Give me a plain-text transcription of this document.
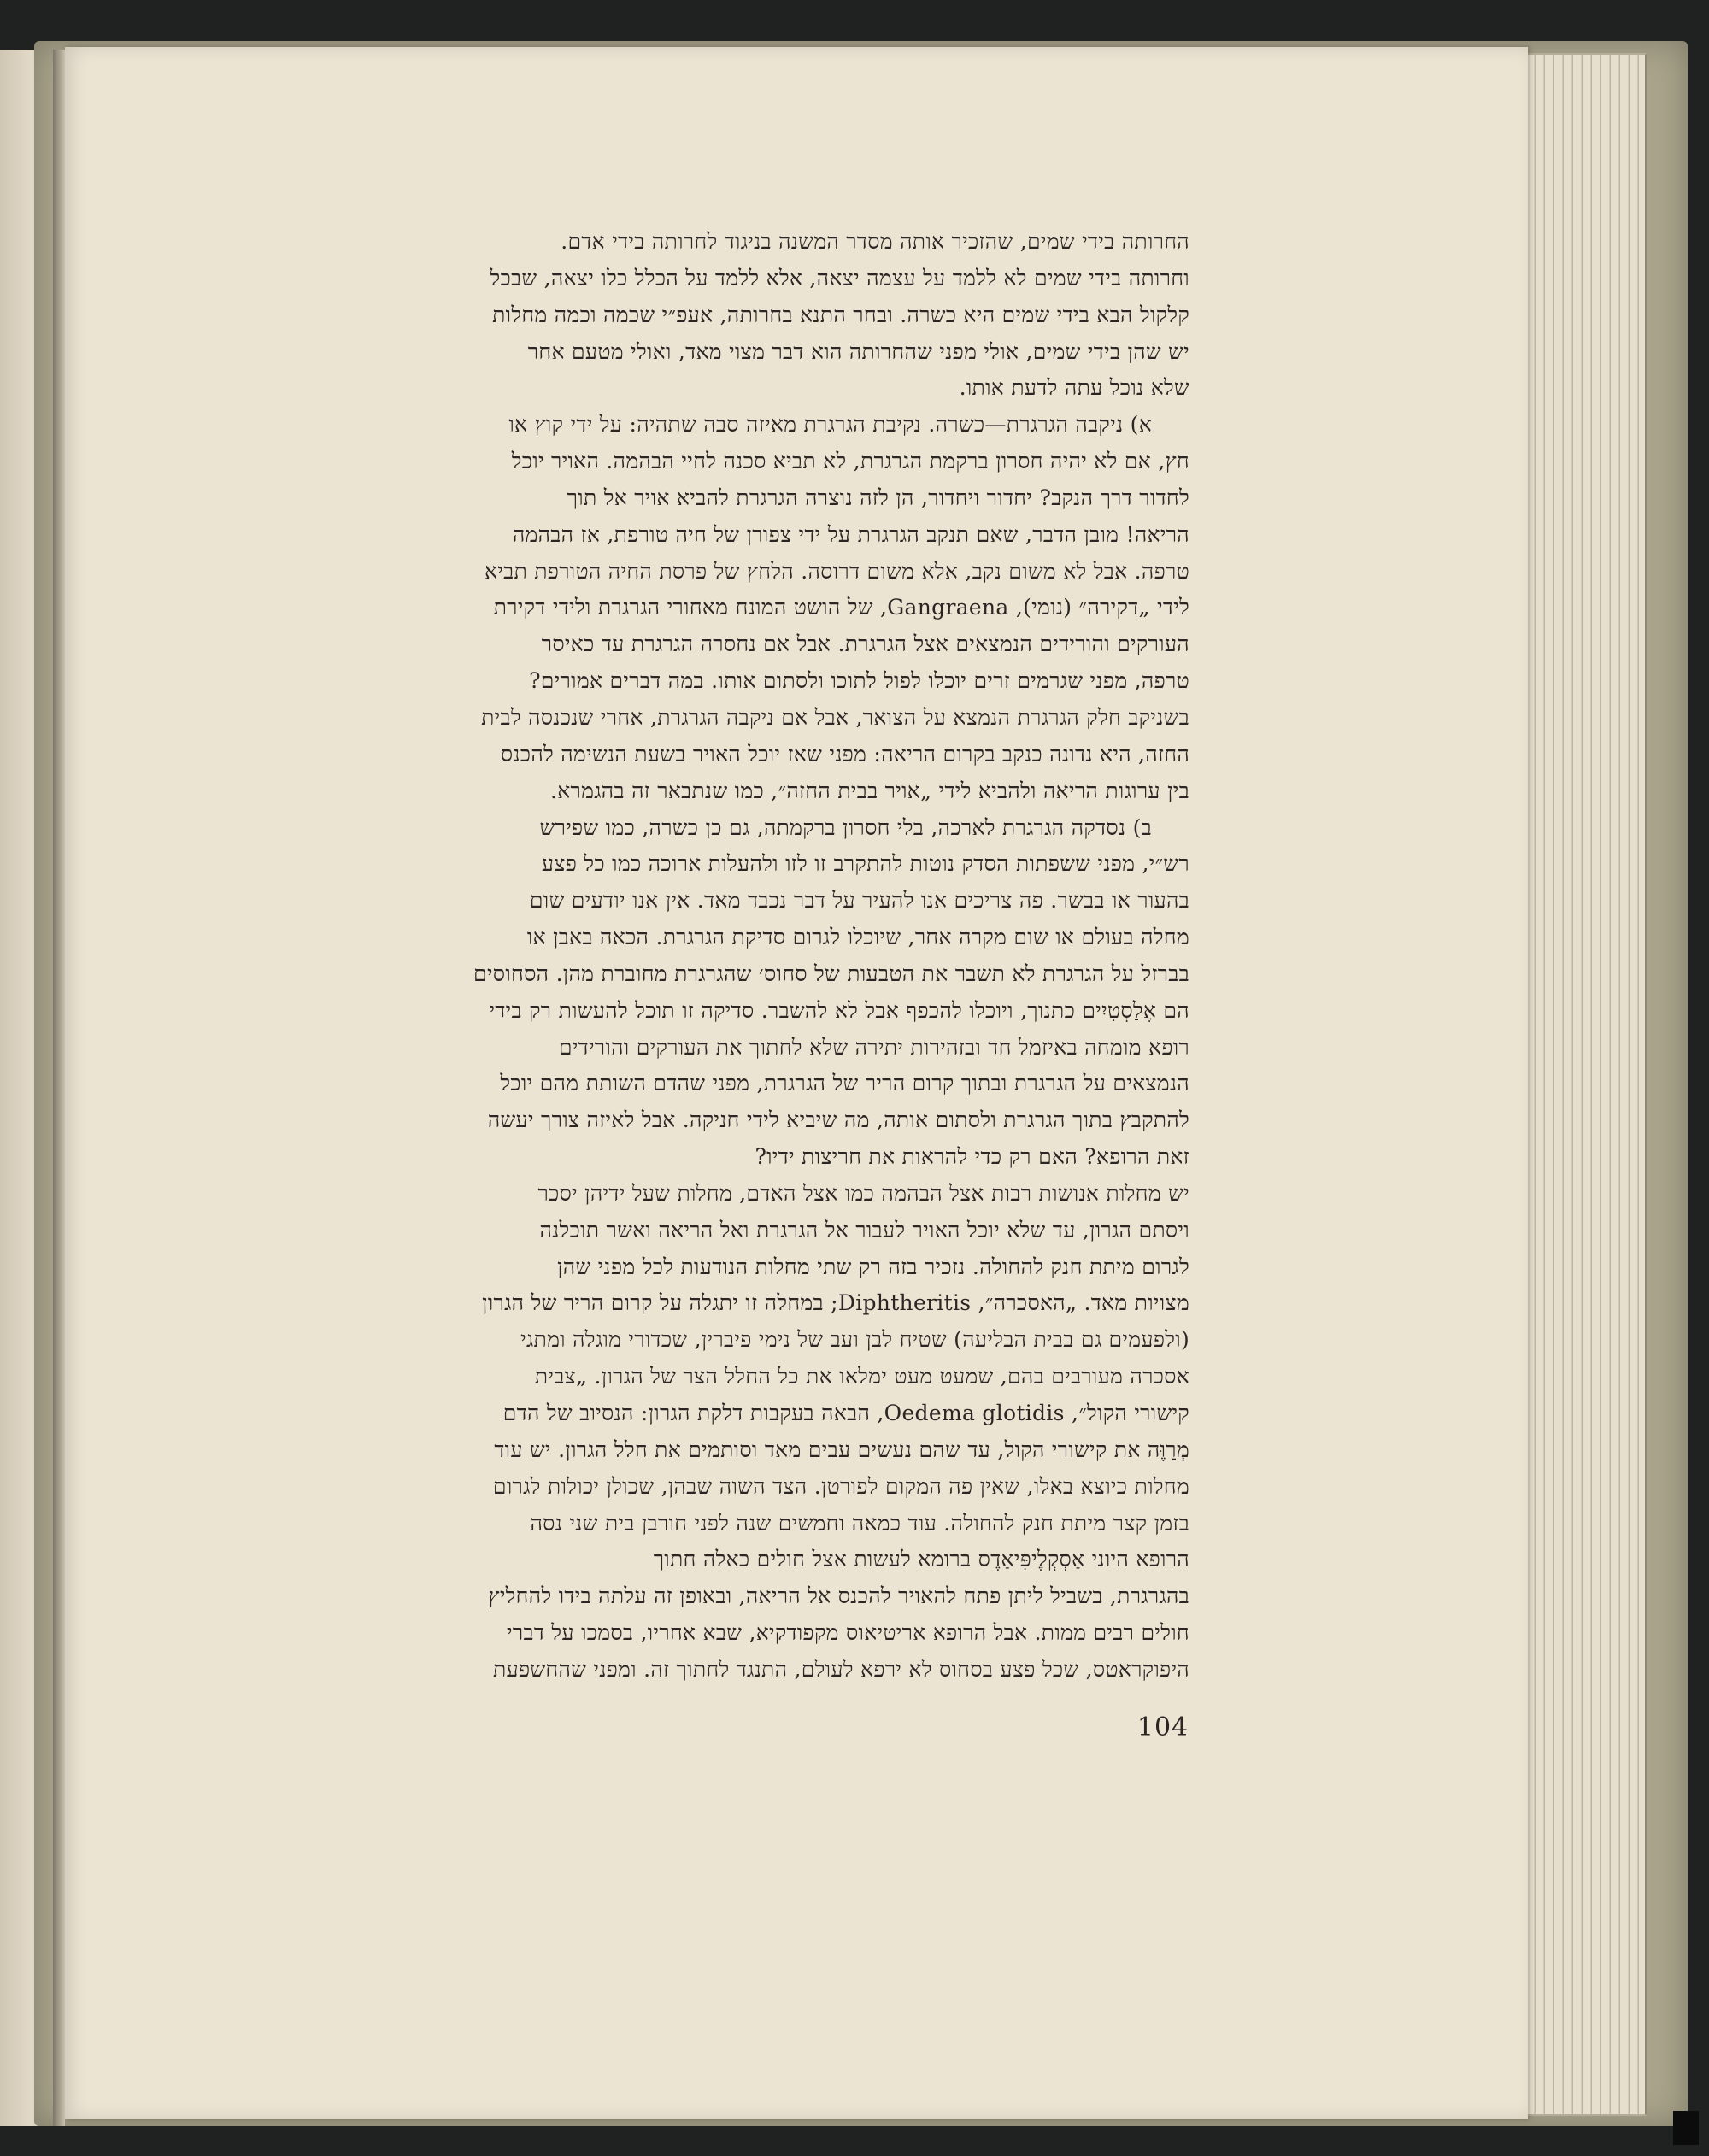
החרותה בידי שמים, שהזכיר אותה מסדר המשנה בניגוד לחרותה בידי אדם.
וחרותה בידי שמים לא ללמד על עצמה יצאה, אלא ללמד על הכלל כלו יצאה, שבכל
קלקול הבא בידי שמים היא כשרה. ובחר התנא בחרותה, אעפ״י שכמה וכמה מחלות
יש שהן בידי שמים, אולי מפני שהחרותה הוא דבר מצוי מאד, ואולי מטעם אחר
שלא נוכל עתה לדעת אותו.
א) ניקבה הגרגרת—כשרה. נקיבת הגרגרת מאיזה סבה שתהיה: על ידי קוץ או
חץ, אם לא יהיה חסרון ברקמת הגרגרת, לא תביא סכנה לחיי הבהמה. האויר יוכל
לחדור דרך הנקב? יחדור ויחדור, הן לזה נוצרה הגרגרת להביא אויר אל תוך
הריאה! מובן הדבר, שאם תנקב הגרגרת על ידי צפורן של חיה טורפת, אז הבהמה
טרפה. אבל לא משום נקב, אלא משום דרוסה. הלחץ של פרסת החיה הטורפת תביא
לידי „דקירה״ (נומי), Gangraena, של הושט המונח מאחורי הגרגרת ולידי דקירת
העורקים והורידים הנמצאים אצל הגרגרת. אבל אם נחסרה הגרגרת עד כאיסר
טרפה, מפני שגרמים זרים יוכלו לפול לתוכו ולסתום אותו. במה דברים אמורים?
בשניקב חלק הגרגרת הנמצא על הצואר, אבל אם ניקבה הגרגרת, אחרי שנכנסה לבית
החזה, היא נדונה כנקב בקרום הריאה: מפני שאז יוכל האויר בשעת הנשימה להכנס
בין ערוגות הריאה ולהביא לידי „אויר בבית החזה״, כמו שנתבאר זה בהגמרא.
ב) נסדקה הגרגרת לארכה, בלי חסרון ברקמתה, גם כן כשרה, כמו שפירש
רש״י, מפני ששפתות הסדק נוטות להתקרב זו לזו ולהעלות ארוכה כמו כל פצע
בהעור או בבשר. פה צריכים אנו להעיר על דבר נכבד מאד. אין אנו יודעים שום
מחלה בעולם או שום מקרה אחר, שיוכלו לגרום סדיקת הגרגרת. הכאה באבן או
בברזל על הגרגרת לא תשבר את הטבעות של סחוס׳ שהגרגרת מחוברת מהן. הסחוסים
הם אֶלַסְטִיִים כתנוך, ויוכלו להכפף אבל לא להשבר. סדיקה זו תוכל להעשות רק בידי
רופא מומחה באיזמל חד ובזהירות יתירה שלא לחתוך את העורקים והורידים
הנמצאים על הגרגרת ובתוך קרום הריר של הגרגרת, מפני שהדם השותת מהם יוכל
להתקבץ בתוך הגרגרת ולסתום אותה, מה שיביא לידי חניקה. אבל לאיזה צורך יעשה
זאת הרופא? האם רק כדי להראות את חריצות ידיו?
יש מחלות אנושות רבות אצל הבהמה כמו אצל האדם, מחלות שעל ידיהן יסכר
ויסתם הגרון, עד שלא יוכל האויר לעבור אל הגרגרת ואל הריאה ואשר תוכלנה
לגרום מיתת חנק להחולה. נזכיר בזה רק שתי מחלות הנודעות לכל מפני שהן
מצויות מאד. „האסכרה״, Diphtheritis; במחלה זו יתגלה על קרום הריר של הגרון
(ולפעמים גם בבית הבליעה) שטיח לבן ועב של נימי פיברין, שכדורי מוגלה ומתגי
אסכרה מעורבים בהם, שמעט מעט ימלאו את כל החלל הצר של הגרון. „צבית
קישורי הקול״, Oedema glotidis, הבאה בעקבות דלקת הגרון: הנסיוב של הדם
מְרַוֶּה את קישורי הקול, עד שהם נעשים עבים מאד וסותמים את חלל הגרון. יש עוד
מחלות כיוצא באלו, שאין פה המקום לפורטן. הצד השוה שבהן, שכולן יכולות לגרום
בזמן קצר מיתת חנק להחולה. עוד כמאה וחמשים שנה לפני חורבן בית שני נסה
הרופא היוני אַסְקְלֶיפִּיאַדֶס ברומא לעשות אצל חולים כאלה חתוך
בהגרגרת, בשביל ליתן פתח להאויר להכנס אל הריאה, ובאופן זה עלתה בידו להחליץ
חולים רבים ממות. אבל הרופא אריטיאוס מקפודקיא, שבא אחריו, בסמכו על דברי
היפוקראטס, שכל פצע בסחוס לא ירפא לעולם, התנגד לחתוך זה. ומפני שהחשפעת
104
